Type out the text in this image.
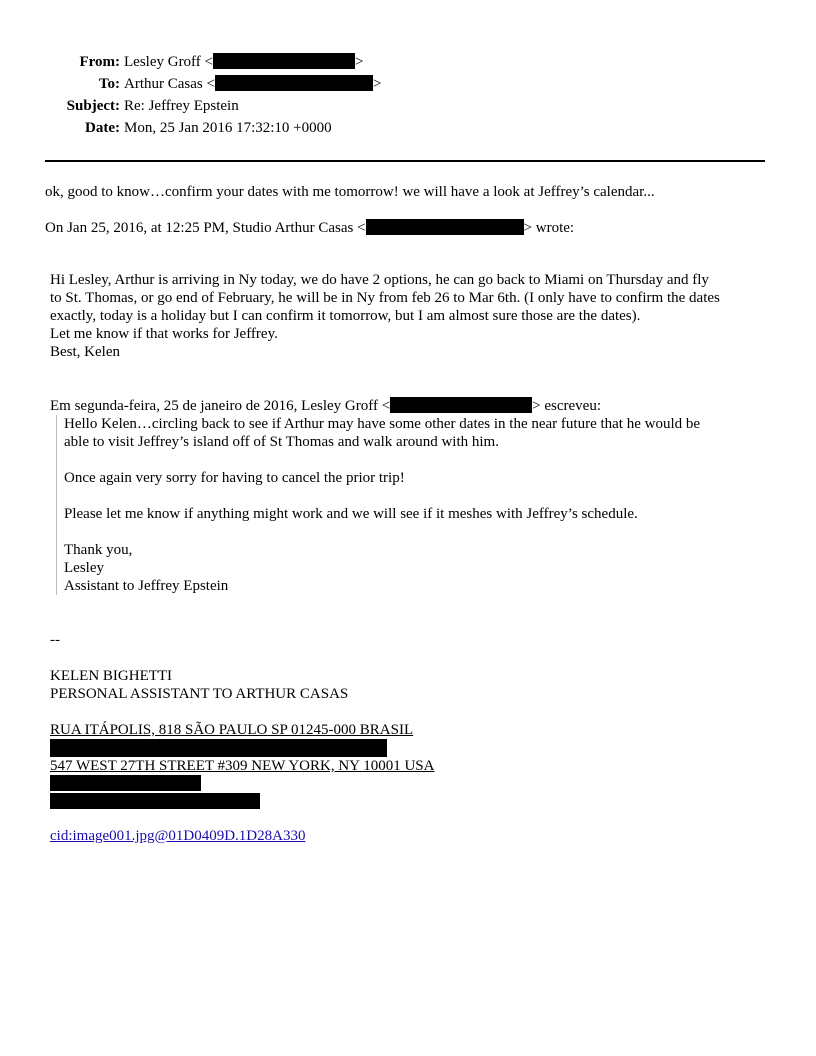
From: Lesley Groff <	>
To: Arthur Casas <	>
Subject: Re: Jeffrey Epstein
Date: Mon, 25 Jan 2016 17:32:10 +0000
ok, good to know…confirm your dates with me tomorrow! we will have a look at Jeffrey’s calendar...
On Jan 25, 2016, at 12:25 PM, Studio Arthur Casas <	> wrote:
Hi Lesley, Arthur is arriving in Ny today, we do have 2 options, he can go back to Miami on Thursday and fly
to St. Thomas, or go end of February, he will be in Ny from feb 26 to Mar 6th. (I only have to confirm the dates
exactly, today is a holiday but I can confirm it tomorrow, but I am almost sure those are the dates).
Let me know if that works for Jeffrey.
Best, Kelen
Em segunda-feira, 25 de janeiro de 2016, Lesley Groff <	> escreveu:
Hello Kelen…circling back to see if Arthur may have some other dates in the near future that he would be
able to visit Jeffrey’s island off of St Thomas and walk around with him.
Once again very sorry for having to cancel the prior trip!
Please let me know if anything might work and we will see if it meshes with Jeffrey’s schedule.
Thank you,
Lesley
Assistant to Jeffrey Epstein
--
KELEN BIGHETTI
PERSONAL ASSISTANT TO ARTHUR CASAS
RUA ITÁPOLIS, 818 SÃO PAULO SP 01245-000 BRASIL
547 WEST 27TH STREET #309 NEW YORK, NY 10001 USA
cid:image001.jpg@01D0409D.1D28A330
